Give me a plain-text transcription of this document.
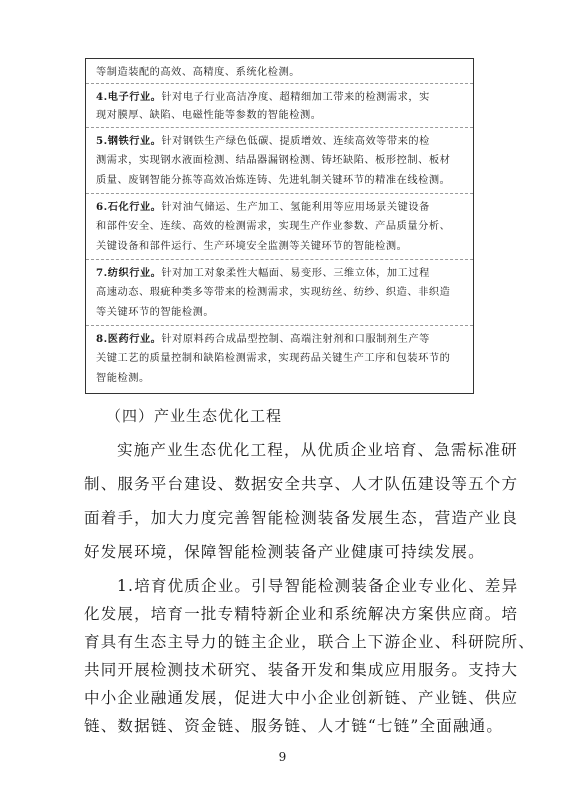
等制造装配的高效、高精度、系统化检测。
4.电子行业。针对电子行业高洁净度、超精细加工带来的检测需求，实
现对膜厚、缺陷、电磁性能等参数的智能检测。
5.钢铁行业。针对钢铁生产绿色低碳、提质增效、连续高效等带来的检
测需求，实现钢水液面检测、结晶器漏钢检测、铸坯缺陷、板形控制、板材
质量、废钢智能分拣等高效冶炼连铸、先进轧制关键环节的精准在线检测。
6.石化行业。针对油气储运、生产加工、氢能利用等应用场景关键设备
和部件安全、连续、高效的检测需求，实现生产作业参数、产品质量分析、
关键设备和部件运行、生产环境安全监测等关键环节的智能检测。
7.纺织行业。针对加工对象柔性大幅面、易变形、三维立体，加工过程
高速动态、瑕疵种类多等带来的检测需求，实现纺丝、纺纱、织造、非织造
等关键环节的智能检测。
8.医药行业。针对原料药合成晶型控制、高端注射剂和口服制剂生产等
关键工艺的质量控制和缺陷检测需求，实现药品关键生产工序和包装环节的
智能检测。
（四）产业生态优化工程
实施产业生态优化工程，从优质企业培育、急需标准研
制、服务平台建设、数据安全共享、人才队伍建设等五个方
面着手，加大力度完善智能检测装备发展生态，营造产业良
好发展环境，保障智能检测装备产业健康可持续发展。
1.培育优质企业。引导智能检测装备企业专业化、差异
化发展，培育一批专精特新企业和系统解决方案供应商。培
育具有生态主导力的链主企业，联合上下游企业、科研院所、
共同开展检测技术研究、装备开发和集成应用服务。支持大
中小企业融通发展，促进大中小企业创新链、产业链、供应
链、数据链、资金链、服务链、人才链“七链”全面融通。
9
